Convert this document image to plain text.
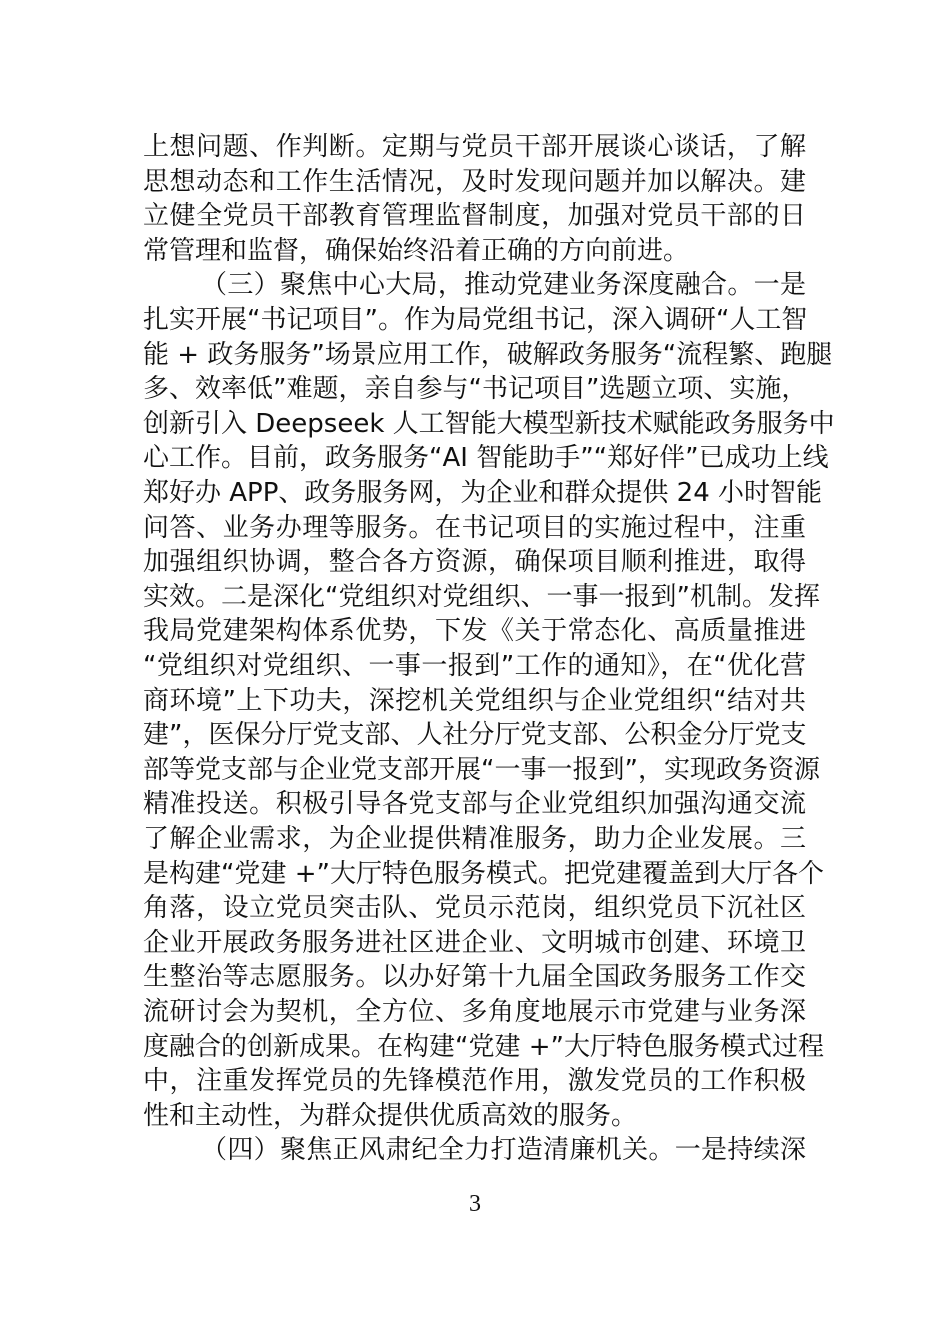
上想问题、作判断。定期与党员干部开展谈心谈话，了解
思想动态和工作生活情况，及时发现问题并加以解决。建
立健全党员干部教育管理监督制度，加强对党员干部的日
常管理和监督，确保始终沿着正确的方向前进。
（三）聚焦中心大局，推动党建业务深度融合。一是
扎实开展“书记项目”。作为局党组书记，深入调研“人工智
能 + 政务服务”场景应用工作，破解政务服务“流程繁、跑腿
多、效率低”难题，亲自参与“书记项目”选题立项、实施，
创新引入 Deepseek 人工智能大模型新技术赋能政务服务中
心工作。目前，政务服务“AI 智能助手”“郑好伴”已成功上线
郑好办 APP、政务服务网，为企业和群众提供 24 小时智能
问答、业务办理等服务。在书记项目的实施过程中，注重
加强组织协调，整合各方资源，确保项目顺利推进，取得
实效。二是深化“党组织对党组织、一事一报到”机制。发挥
我局党建架构体系优势，下发《关于常态化、高质量推进
“党组织对党组织、一事一报到”工作的通知》，在“优化营
商环境”上下功夫，深挖机关党组织与企业党组织“结对共
建”，医保分厅党支部、人社分厅党支部、公积金分厅党支
部等党支部与企业党支部开展“一事一报到”，实现政务资源
精准投送。积极引导各党支部与企业党组织加强沟通交流
了解企业需求，为企业提供精准服务，助力企业发展。三
是构建“党建 +”大厅特色服务模式。把党建覆盖到大厅各个
角落，设立党员突击队、党员示范岗，组织党员下沉社区
企业开展政务服务进社区进企业、文明城市创建、环境卫
生整治等志愿服务。以办好第十九届全国政务服务工作交
流研讨会为契机，全方位、多角度地展示市党建与业务深
度融合的创新成果。在构建“党建 +”大厅特色服务模式过程
中，注重发挥党员的先锋模范作用，激发党员的工作积极
性和主动性，为群众提供优质高效的服务。
（四）聚焦正风肃纪全力打造清廉机关。一是持续深
3
